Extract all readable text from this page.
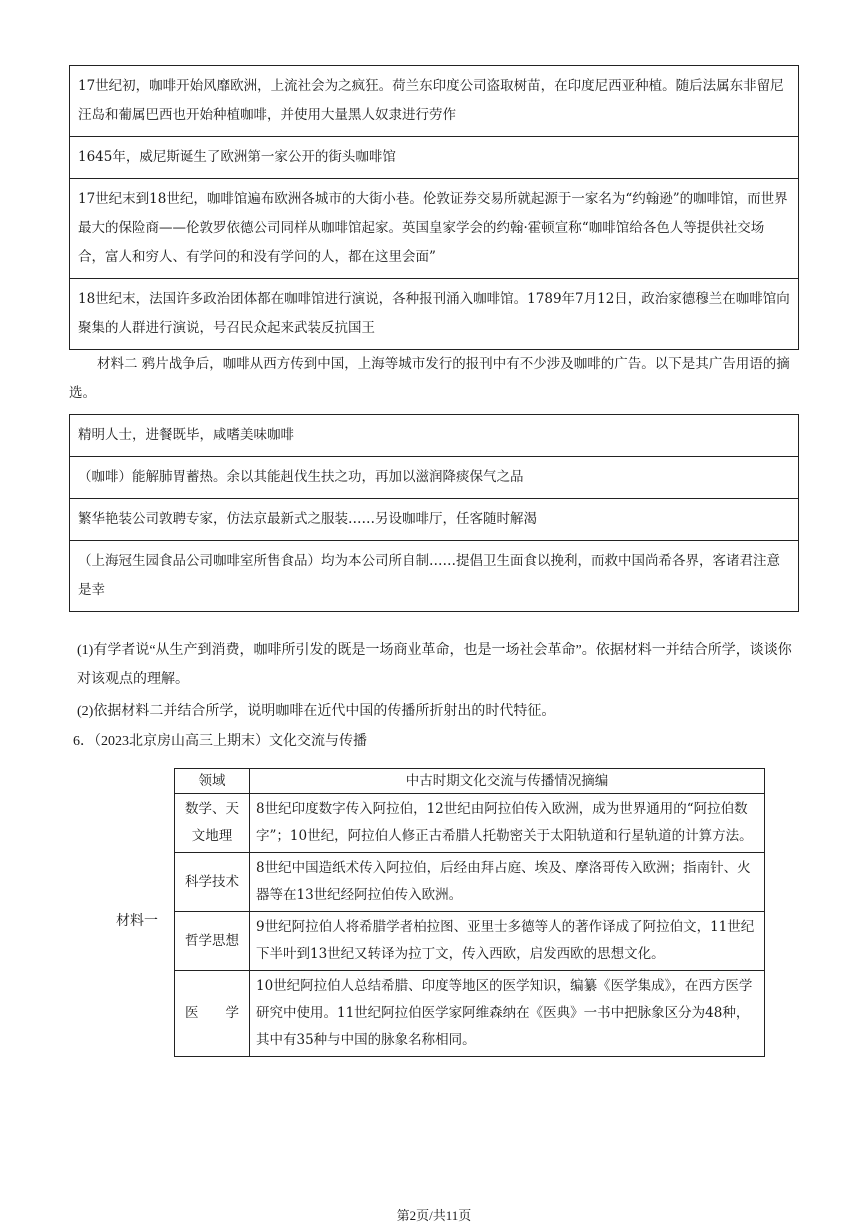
17世纪初，咖啡开始风靡欧洲，上流社会为之疯狂。荷兰东印度公司盗取树苗，在印度尼西亚种植。随后法属东非留尼汪岛和葡属巴西也开始种植咖啡，并使用大量黑人奴隶进行劳作
1645年，威尼斯诞生了欧洲第一家公开的街头咖啡馆
17世纪末到18世纪，咖啡馆遍布欧洲各城市的大街小巷。伦敦证券交易所就起源于一家名为“约翰逊”的咖啡馆，而世界最大的保险商——伦敦罗依德公司同样从咖啡馆起家。英国皇家学会的约翰·霍顿宣称“咖啡馆给各色人等提供社交场合，富人和穷人、有学问的和没有学问的人，都在这里会面”
18世纪末，法国许多政治团体都在咖啡馆进行演说，各种报刊涌入咖啡馆。1789年7月12日，政治家德穆兰在咖啡馆向聚集的人群进行演说，号召民众起来武装反抗国王
材料二 鸦片战争后，咖啡从西方传到中国，上海等城市发行的报刊中有不少涉及咖啡的广告。以下是其广告用语的摘选。
精明人士，进餐既毕，咸嗜美味咖啡
（咖啡）能解肺胃蓄热。余以其能赳伐生扶之功，再加以滋润降痰保气之品
繁华艳装公司敦聘专家，仿法京最新式之服装……另设咖啡厅，任客随时解渴
（上海冠生园食品公司咖啡室所售食品）均为本公司所自制……提倡卫生面食以挽利，而救中国尚希各界，客诸君注意是幸
(1)有学者说“从生产到消费，咖啡所引发的既是一场商业革命，也是一场社会革命”。依据材料一并结合所学，谈谈你对该观点的理解。
(2)依据材料二并结合所学，说明咖啡在近代中国的传播所折射出的时代特征。
6．（2023北京房山高三上期末）文化交流与传播
材料一
领域	中古时期文化交流与传播情况摘编
数学、天文地理	8世纪印度数字传入阿拉伯，12世纪由阿拉伯传入欧洲，成为世界通用的“阿拉伯数字”；10世纪，阿拉伯人修正古希腊人托勒密关于太阳轨道和行星轨道的计算方法。
科学技术	8世纪中国造纸术传入阿拉伯，后经由拜占庭、埃及、摩洛哥传入欧洲；指南针、火器等在13世纪经阿拉伯传入欧洲。
哲学思想	9世纪阿拉伯人将希腊学者柏拉图、亚里士多德等人的著作译成了阿拉伯文，11世纪下半叶到13世纪又转译为拉丁文，传入西欧，启发西欧的思想文化。
医　　学	10世纪阿拉伯人总结希腊、印度等地区的医学知识，编纂《医学集成》，在西方医学研究中使用。11世纪阿拉伯医学家阿维森纳在《医典》一书中把脉象区分为48种，其中有35种与中国的脉象名称相同。
第2页/共11页
